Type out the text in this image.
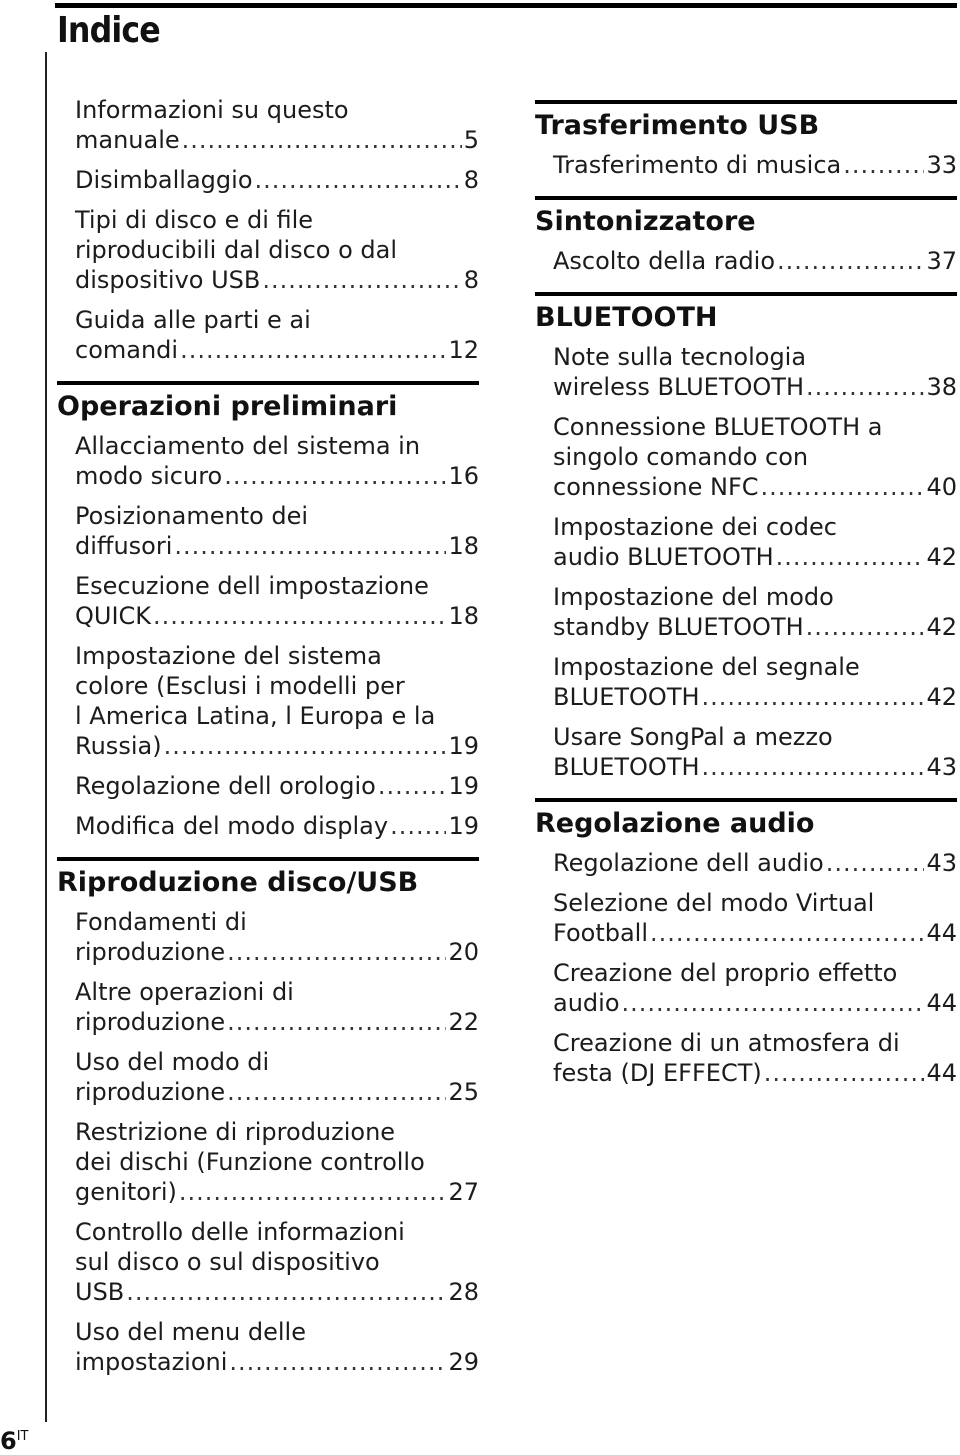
Indice
Informazioni su questo
manuale .....	5
Disimballaggio .....	8
Tipi di disco e di file
riproducibili dal disco o dal
dispositivo USB .....	8
Guida alle parti e ai
comandi .....	12
Operazioni preliminari
Allacciamento del sistema in
modo sicuro .....	16
Posizionamento dei
diffusori .....	18
Esecuzione dell impostazione
QUICK .....	18
Impostazione del sistema
colore (Esclusi i modelli per
l America Latina, l Europa e la
Russia) .....	19
Regolazione dell orologio .....	19
Modifica del modo display .....	19
Riproduzione disco/USB
Fondamenti di
riproduzione .....	20
Altre operazioni di
riproduzione .....	22
Uso del modo di
riproduzione .....	25
Restrizione di riproduzione
dei dischi (Funzione controllo
genitori) .....	27
Controllo delle informazioni
sul disco o sul dispositivo
USB .....	28
Uso del menu delle
impostazioni .....	29
Trasferimento USB
Trasferimento di musica .....	33
Sintonizzatore
Ascolto della radio .....	37
BLUETOOTH
Note sulla tecnologia
wireless BLUETOOTH .....	38
Connessione BLUETOOTH a
singolo comando con
connessione NFC .....	40
Impostazione dei codec
audio BLUETOOTH .....	42
Impostazione del modo
standby BLUETOOTH .....	42
Impostazione del segnale
BLUETOOTH .....	42
Usare SongPal a mezzo
BLUETOOTH .....	43
Regolazione audio
Regolazione dell audio .....	43
Selezione del modo Virtual
Football .....	44
Creazione del proprio effetto
audio .....	44
Creazione di un atmosfera di
festa (DJ EFFECT) .....	44
$6^{IT}$
